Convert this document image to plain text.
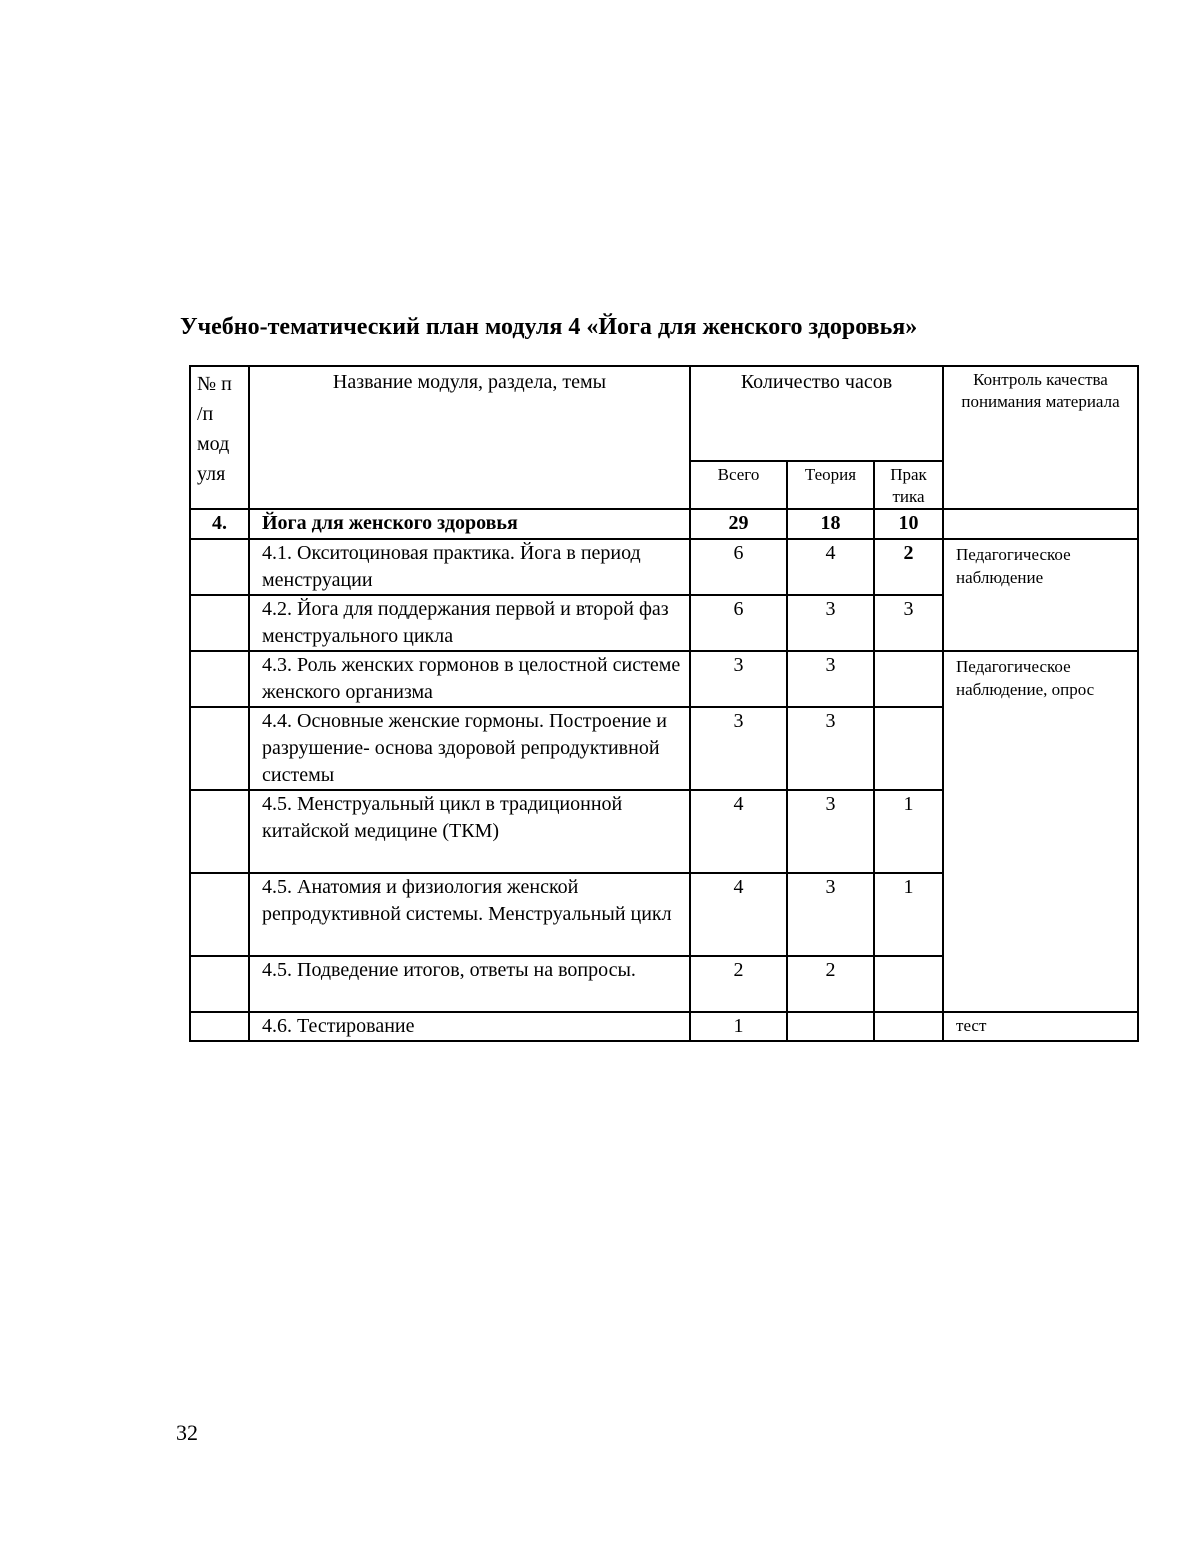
Учебно-тематический план модуля 4 «Йога для женского здоровья»
№ п
/п
мод
уля	Название модуля, раздела, темы	Количество часов			Контроль качества понимания материала
		Всего	Теория	Прак
тика	

4.	Йога для женского здоровья	29	18	10	
	4.1. Окситоциновая практика. Йога в период менструации	6	4	2	Педагогическое наблюдение
	4.2. Йога для поддержания первой и второй фаз менструального цикла	6	3	3	
	4.3. Роль женских гормонов в целостной системе женского организма	3	3		Педагогическое наблюдение, опрос
	4.4. Основные женские гормоны. Построение и разрушение- основа здоровой репродуктивной системы	3	3		
	4.5. Менструальный цикл в традиционной китайской медицине (ТКМ)	4	3	1	
	4.5. Анатомия и физиология женской репродуктивной системы. Менструальный цикл	4	3	1	
	4.5. Подведение итогов, ответы на вопросы.	2	2		
	4.6. Тестирование	1			тест
32
